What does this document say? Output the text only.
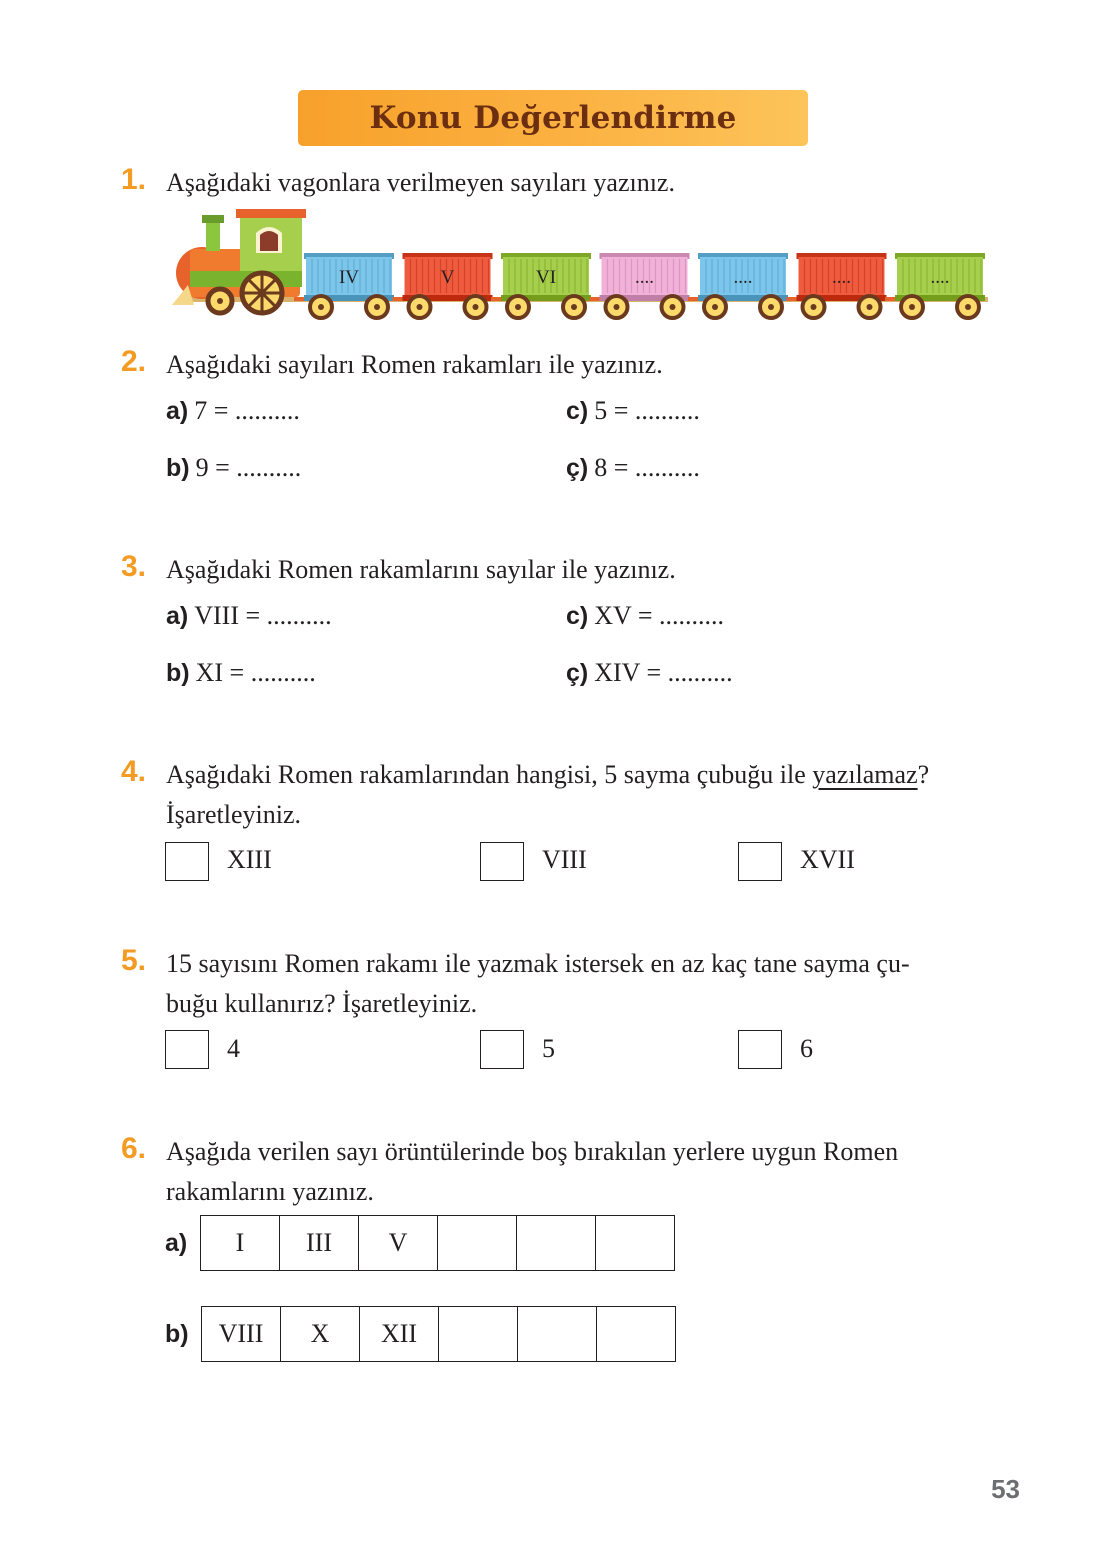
Konu Değerlendirme
1. Aşağıdaki vagonlara verilmeyen sayıları yazınız.
IV	V	VI	....	....	....	....
2. Aşağıdaki sayıları Romen rakamları ile yazınız.
a) 7 = ..........	c) 5 = ..........
b) 9 = ..........	ç) 8 = ..........
3. Aşağıdaki Romen rakamlarını sayılar ile yazınız.
a) VIII = ..........	c) XV = ..........
b) XI = ..........	ç) XIV = ..........
4. Aşağıdaki Romen rakamlarından hangisi, 5 sayma çubuğu ile yazılamaz?
İşaretleyiniz.
XIII	VIII	XVII
5. 15 sayısını Romen rakamı ile yazmak istersek en az kaç tane sayma çu-
buğu kullanırız? İşaretleyiniz.
4	5	6
6. Aşağıda verilen sayı örüntülerinde boş bırakılan yerlere uygun Romen
rakamlarını yazınız.
a) I	III	V			
b) VIII	X	XII			
53
